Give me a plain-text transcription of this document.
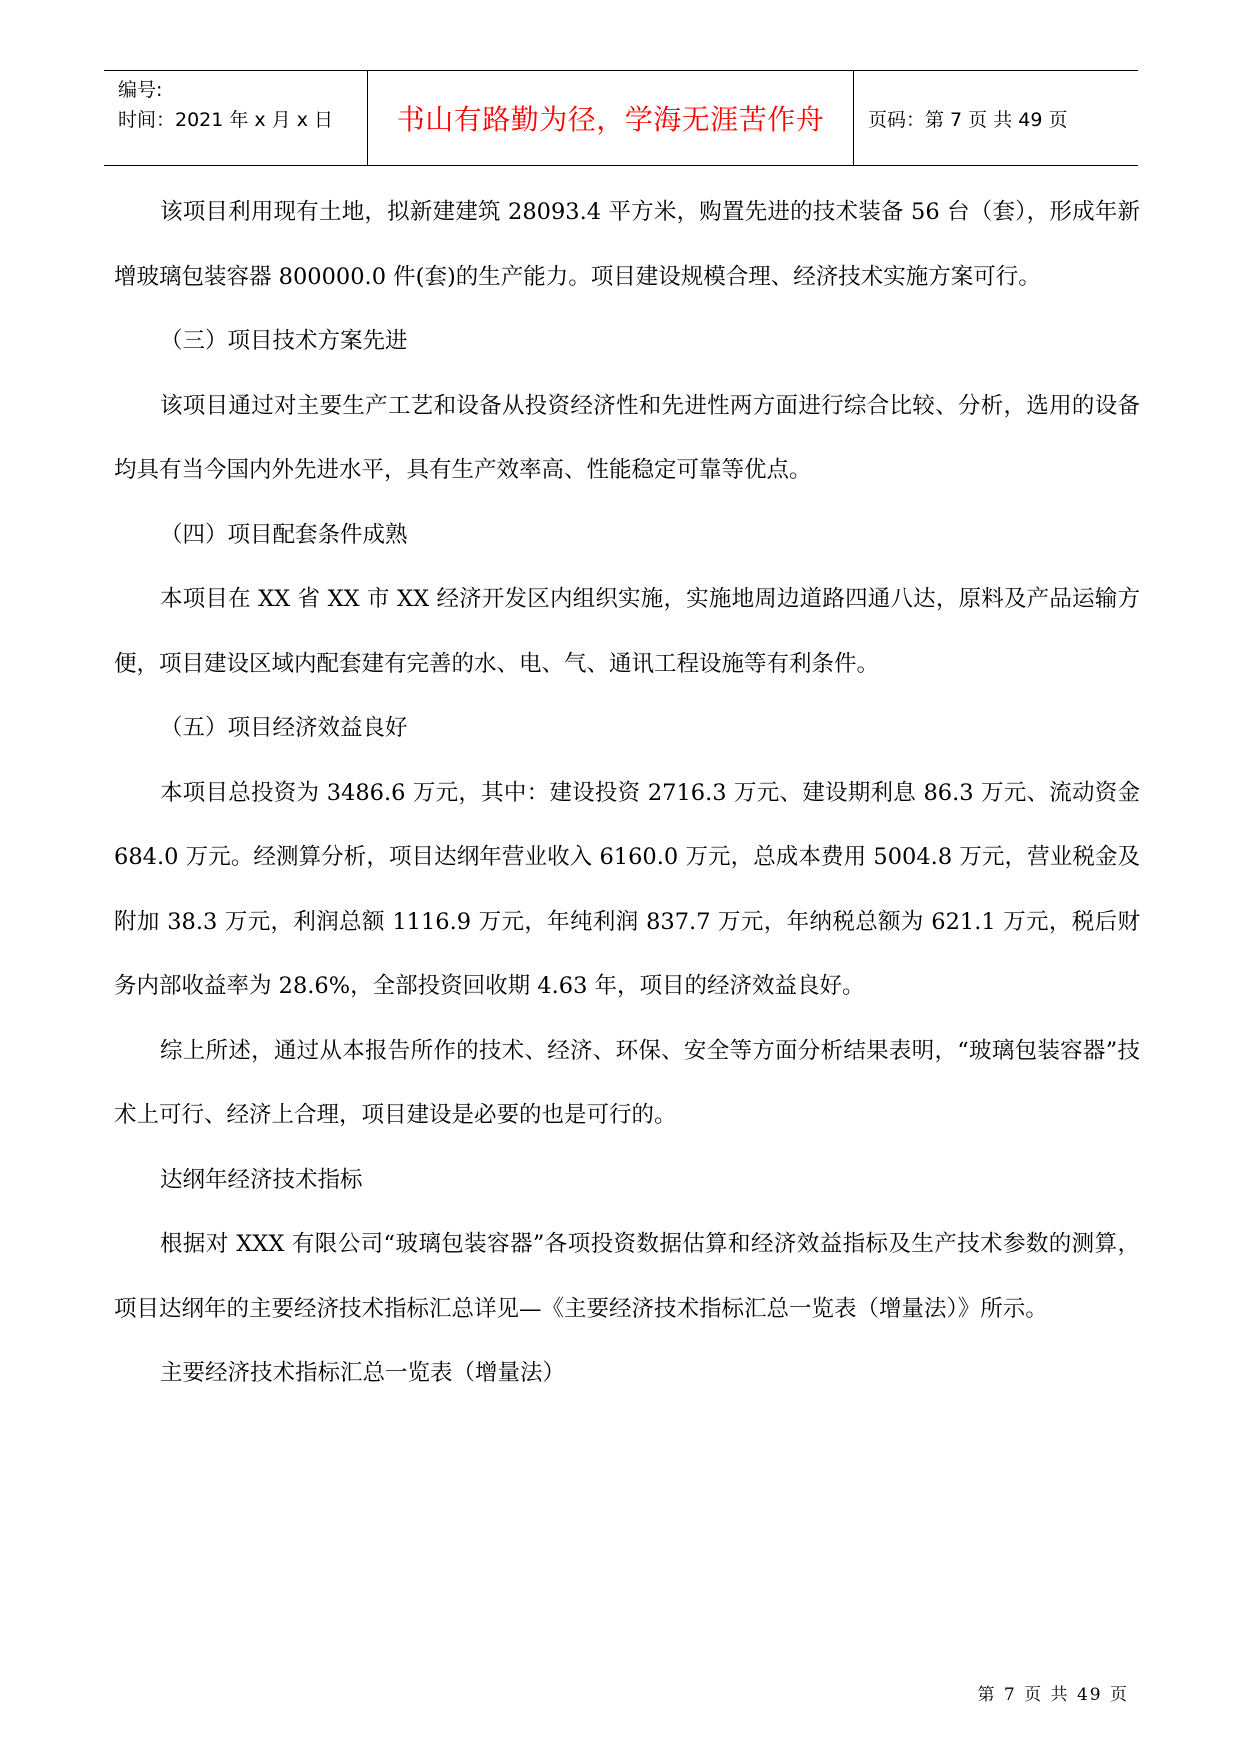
编号:
时间：2021 年 x 月 x 日	书山有路勤为径，学海无涯苦作舟	页码：第 7 页 共 49 页

该项目利用现有土地，拟新建建筑 28093.4 平方米，购置先进的技术装备 56 台（套），形成年新增玻璃包装容器 800000.0 件(套)的生产能力。项目建设规模合理、经济技术实施方案可行。

（三）项目技术方案先进

该项目通过对主要生产工艺和设备从投资经济性和先进性两方面进行综合比较、分析，选用的设备均具有当今国内外先进水平，具有生产效率高、性能稳定可靠等优点。

（四）项目配套条件成熟

本项目在 XX 省 XX 市 XX 经济开发区内组织实施，实施地周边道路四通八达，原料及产品运输方便，项目建设区域内配套建有完善的水、电、气、通讯工程设施等有利条件。

（五）项目经济效益良好

本项目总投资为 3486.6 万元，其中：建设投资 2716.3 万元、建设期利息 86.3 万元、流动资金 684.0 万元。经测算分析，项目达纲年营业收入 6160.0 万元，总成本费用 5004.8 万元，营业税金及附加 38.3 万元，利润总额 1116.9 万元，年纯利润 837.7 万元，年纳税总额为 621.1 万元，税后财务内部收益率为 28.6%，全部投资回收期 4.63 年，项目的经济效益良好。

综上所述，通过从本报告所作的技术、经济、环保、安全等方面分析结果表明，“玻璃包装容器”技术上可行、经济上合理，项目建设是必要的也是可行的。

达纲年经济技术指标

根据对 XXX 有限公司“玻璃包装容器”各项投资数据估算和经济效益指标及生产技术参数的测算，项目达纲年的主要经济技术指标汇总详见—《主要经济技术指标汇总一览表（增量法）》所示。

主要经济技术指标汇总一览表（增量法）

第 7 页 共 49 页
